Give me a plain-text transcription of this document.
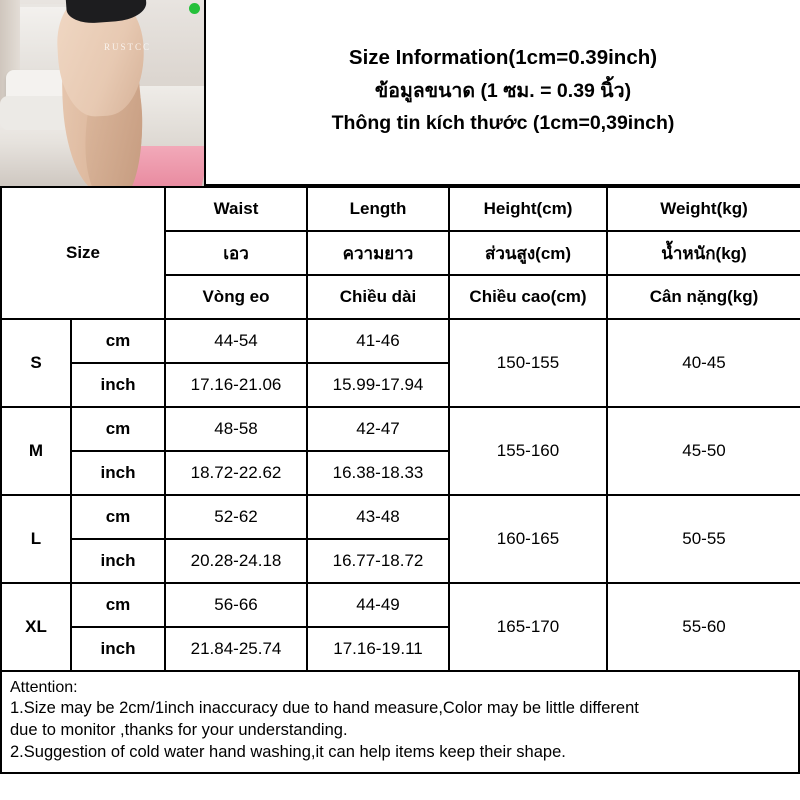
RUSTCC	Size Information(1cm=0.39inch)
ข้อมูลขนาด (1 ซม. = 0.39 นิ้ว)
Thông tin kích thước (1cm=0,39inch)
Size		Waist	Length	Height(cm)	Weight(kg)
		เอว	ความยาว	ส่วนสูง(cm)	น้ำหนัก(kg)
		Vòng eo	Chiều dài	Chiều cao(cm)	Cân nặng(kg)
S	cm	44-54	41-46	150-155	40-45
	inch	17.16-21.06	15.99-17.94		
M	cm	48-58	42-47	155-160	45-50
	inch	18.72-22.62	16.38-18.33		
L	cm	52-62	43-48	160-165	50-55
	inch	20.28-24.18	16.77-18.72		
XL	cm	56-66	44-49	165-170	55-60
	inch	21.84-25.74	17.16-19.11		

Attention:

1.Size may be 2cm/1inch inaccuracy due to hand measure,Color may be little different

due to monitor ,thanks for your understanding.

2.Suggestion of cold water hand washing,it can help items keep their shape.
